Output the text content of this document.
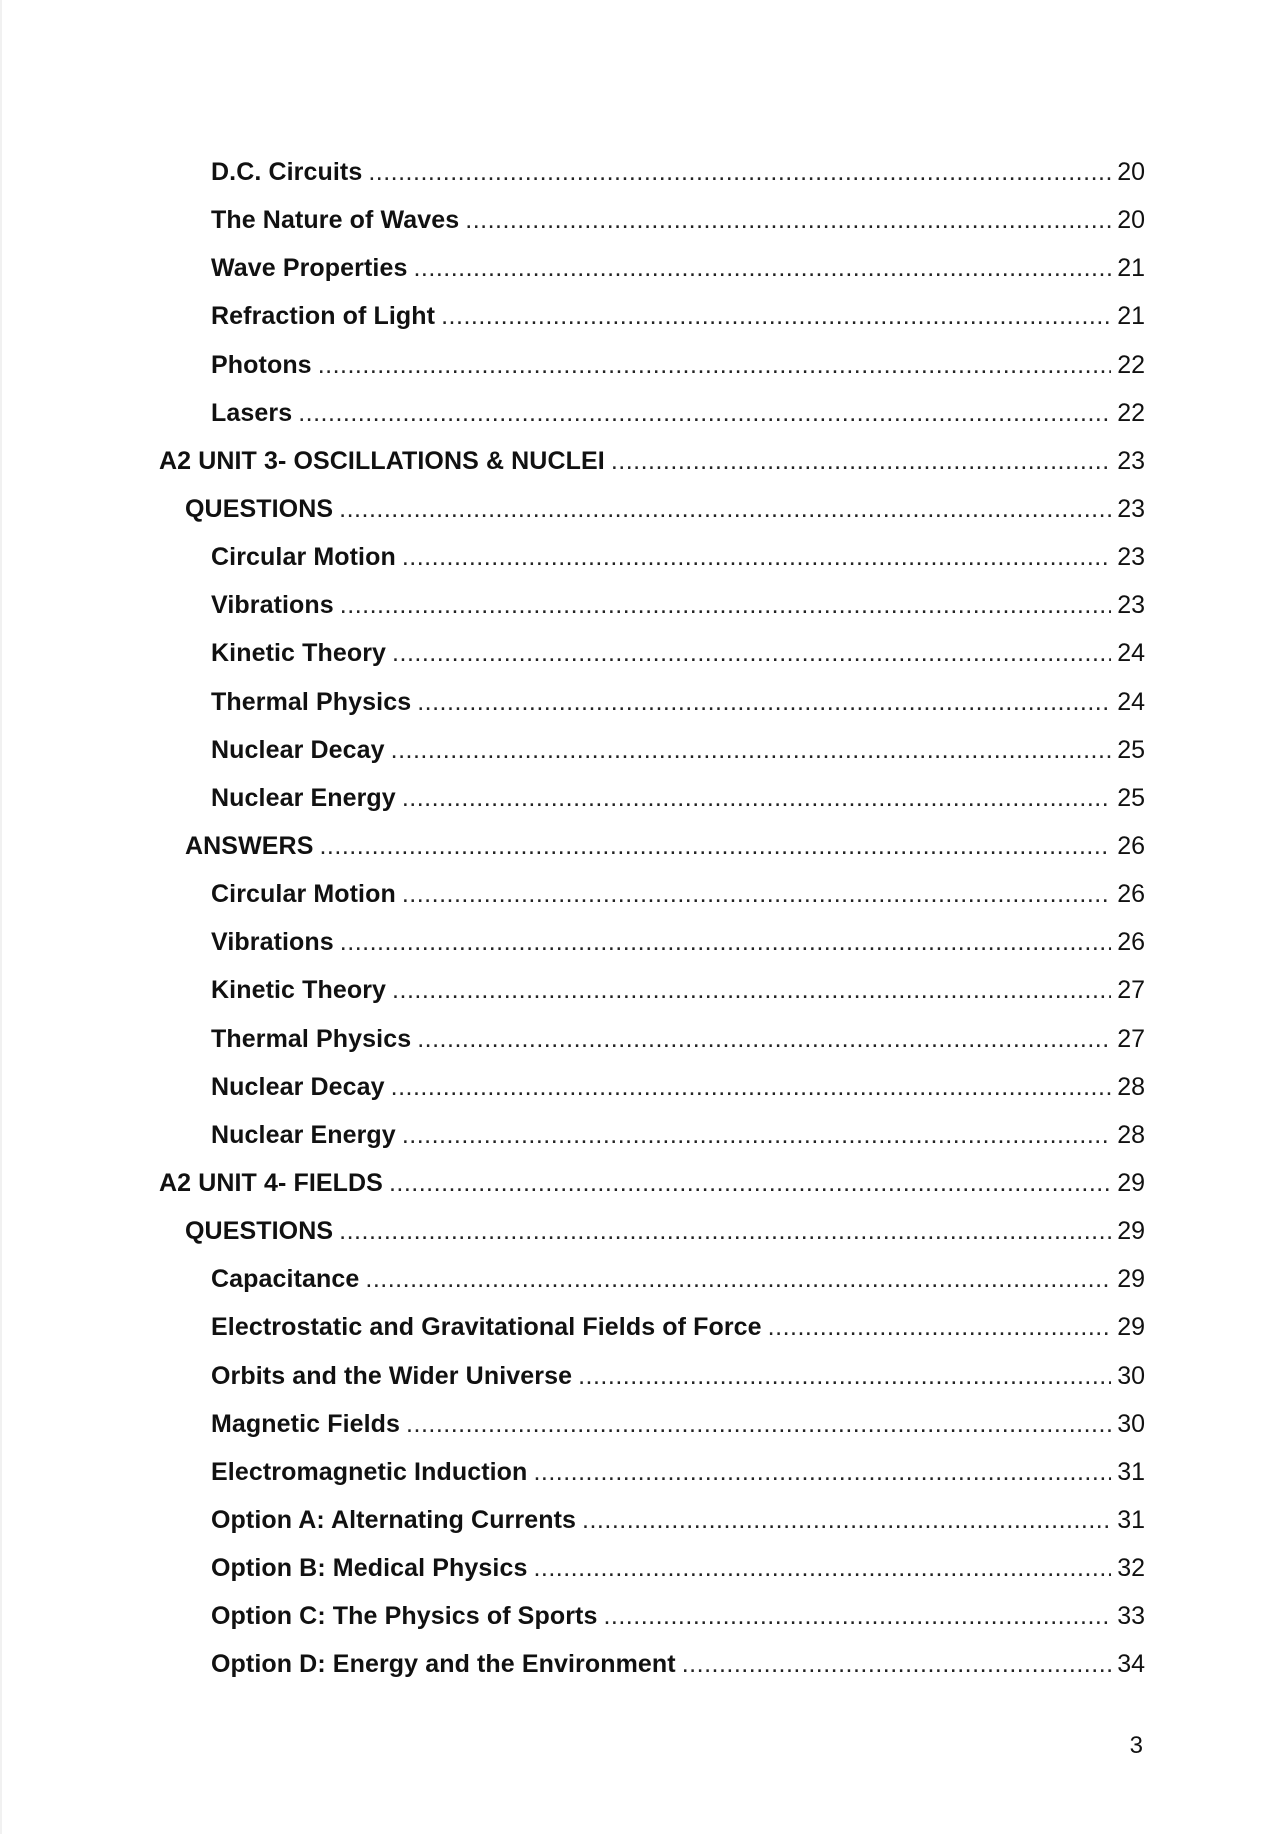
D.C. Circuits .....	20
The Nature of Waves .....	20
Wave Properties .....	21
Refraction of Light .....	21
Photons .....	22
Lasers .....	22
A2 UNIT 3- OSCILLATIONS & NUCLEI .....	23
QUESTIONS .....	23
Circular Motion .....	23
Vibrations .....	23
Kinetic Theory .....	24
Thermal Physics .....	24
Nuclear Decay .....	25
Nuclear Energy .....	25
ANSWERS .....	26
Circular Motion .....	26
Vibrations .....	26
Kinetic Theory .....	27
Thermal Physics .....	27
Nuclear Decay .....	28
Nuclear Energy .....	28
A2 UNIT 4- FIELDS .....	29
QUESTIONS .....	29
Capacitance .....	29
Electrostatic and Gravitational Fields of Force .....	29
Orbits and the Wider Universe .....	30
Magnetic Fields .....	30
Electromagnetic Induction .....	31
Option A: Alternating Currents .....	31
Option B: Medical Physics .....	32
Option C: The Physics of Sports .....	33
Option D: Energy and the Environment .....	34
3
